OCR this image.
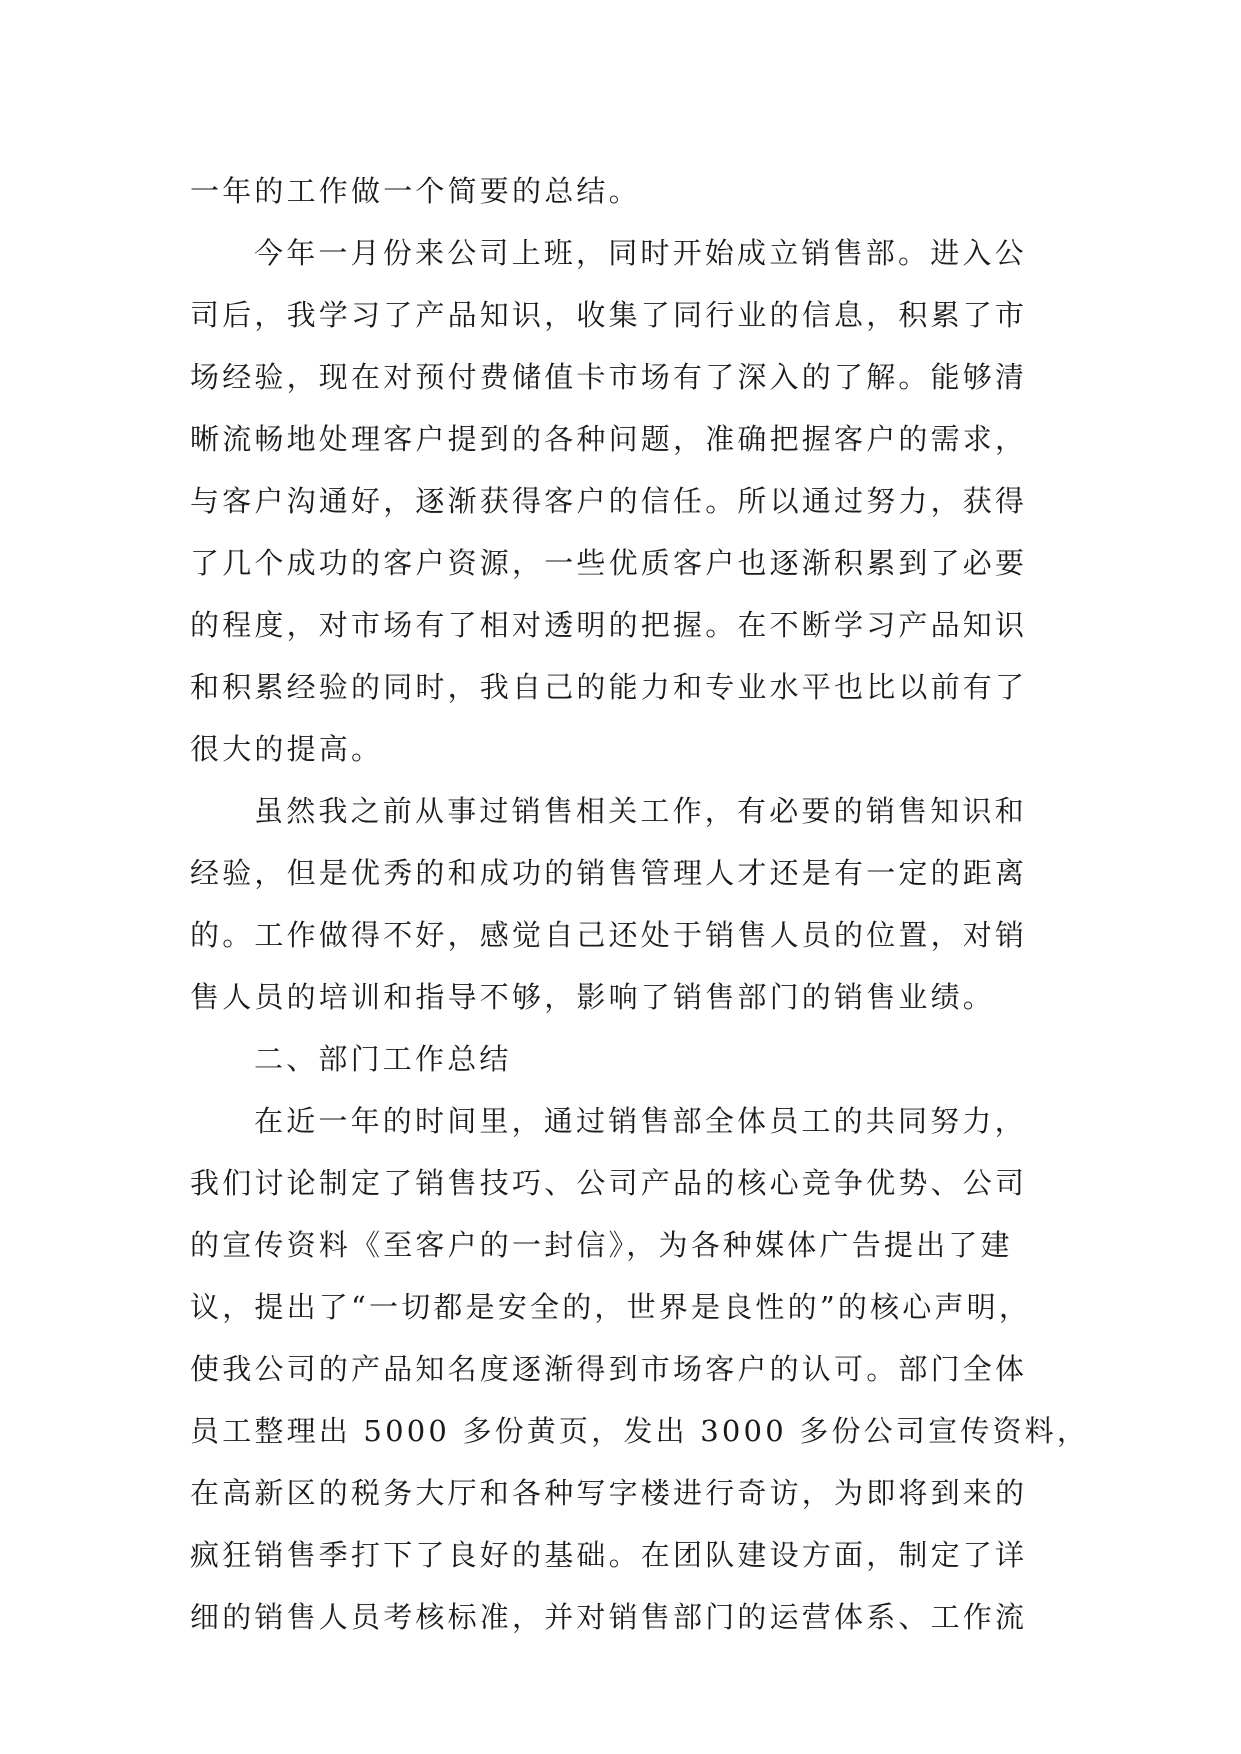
一年的工作做一个简要的总结。
今年一月份来公司上班，同时开始成立销售部。进入公
司后，我学习了产品知识，收集了同行业的信息，积累了市
场经验，现在对预付费储值卡市场有了深入的了解。能够清
晰流畅地处理客户提到的各种问题，准确把握客户的需求，
与客户沟通好，逐渐获得客户的信任。所以通过努力，获得
了几个成功的客户资源，一些优质客户也逐渐积累到了必要
的程度，对市场有了相对透明的把握。在不断学习产品知识
和积累经验的同时，我自己的能力和专业水平也比以前有了
很大的提高。
虽然我之前从事过销售相关工作，有必要的销售知识和
经验，但是优秀的和成功的销售管理人才还是有一定的距离
的。工作做得不好，感觉自己还处于销售人员的位置，对销
售人员的培训和指导不够，影响了销售部门的销售业绩。
二、部门工作总结
在近一年的时间里，通过销售部全体员工的共同努力，
我们讨论制定了销售技巧、公司产品的核心竞争优势、公司
的宣传资料《至客户的一封信》，为各种媒体广告提出了建
议，提出了“一切都是安全的，世界是良性的”的核心声明，
使我公司的产品知名度逐渐得到市场客户的认可。部门全体
员工整理出 5000 多份黄页，发出 3000 多份公司宣传资料，
在高新区的税务大厅和各种写字楼进行奇访，为即将到来的
疯狂销售季打下了良好的基础。在团队建设方面，制定了详
细的销售人员考核标准，并对销售部门的运营体系、工作流
